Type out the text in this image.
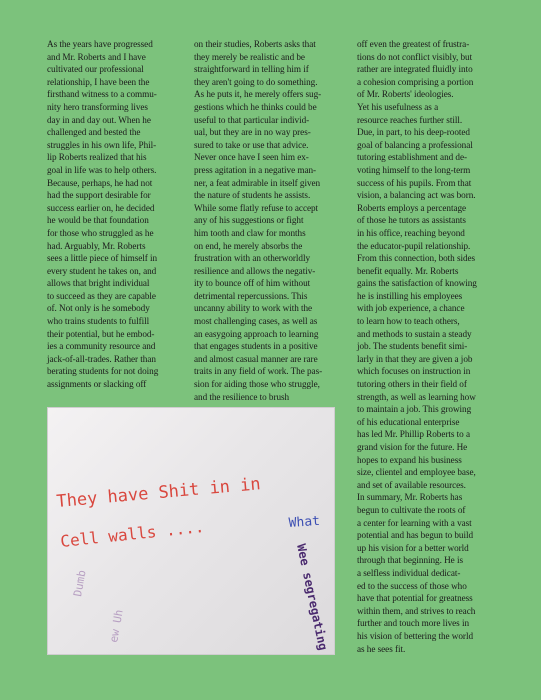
As the years have progressed
and Mr. Roberts and I have
cultivated our professional
relationship, I have been the
firsthand witness to a commu-
nity hero transforming lives
day in and day out. When he
challenged and bested the
struggles in his own life, Phil-
lip Roberts realized that his
goal in life was to help others.
Because, perhaps, he had not
had the support desirable for
success earlier on, he decided
he would be that foundation
for those who struggled as he
had. Arguably, Mr. Roberts
sees a little piece of himself in
every student he takes on, and
allows that bright individual
to succeed as they are capable
of. Not only is he somebody
who trains students to fulfill
their potential, but he embod-
ies a community resource and
jack-of-all-trades. Rather than
berating students for not doing
assignments or slacking off
on their studies, Roberts asks that
they merely be realistic and be
straightforward in telling him if
they aren't going to do something.
As he puts it, he merely offers sug-
gestions which he thinks could be
useful to that particular individ-
ual, but they are in no way pres-
sured to take or use that advice.
Never once have I seen him ex-
press agitation in a negative man-
ner, a feat admirable in itself given
the nature of students he assists.
While some flatly refuse to accept
any of his suggestions or fight
him tooth and claw for months
on end, he merely absorbs the
frustration with an otherworldly
resilience and allows the negativ-
ity to bounce off of him without
detrimental repercussions. This
uncanny ability to work with the
most challenging cases, as well as
an easygoing approach to learning
that engages students in a positive
and almost casual manner are rare
traits in any field of work. The pas-
sion for aiding those who struggle,
and the resilience to brush
off even the greatest of frustra-
tions do not conflict visibly, but
rather are integrated fluidly into
a cohesion comprising a portion
of Mr. Roberts' ideologies.
Yet his usefulness as a
resource reaches further still.
Due, in part, to his deep-rooted
goal of balancing a professional
tutoring establishment and de-
voting himself to the long-term
success of his pupils. From that
vision, a balancing act was born.
Roberts employs a percentage
of those he tutors as assistants
in his office, reaching beyond
the educator-pupil relationship.
From this connection, both sides
benefit equally. Mr. Roberts
gains the satisfaction of knowing
he is instilling his employees
with job experience, a chance
to learn how to teach others,
and methods to sustain a steady
job. The students benefit simi-
larly in that they are given a job
which focuses on instruction in
tutoring others in their field of
strength, as well as learning how
to maintain a job. This growing
of his educational enterprise
has led Mr. Phillip Roberts to a
grand vision for the future. He
hopes to expand his business
size, clientel and employee base,
and set of available resources.
In summary, Mr. Roberts has
begun to cultivate the roots of
a center for learning with a vast
potential and has begun to build
up his vision for a better world
through that beginning. He is
a selfless individual dedicat-
ed to the success of those who
have that potential for greatness
within them, and strives to reach
further and touch more lives in
his vision of bettering the world
as he sees fit.
They have Shit in in
Cell walls ....	What
Wee segregating
Dumb
ew Uh
